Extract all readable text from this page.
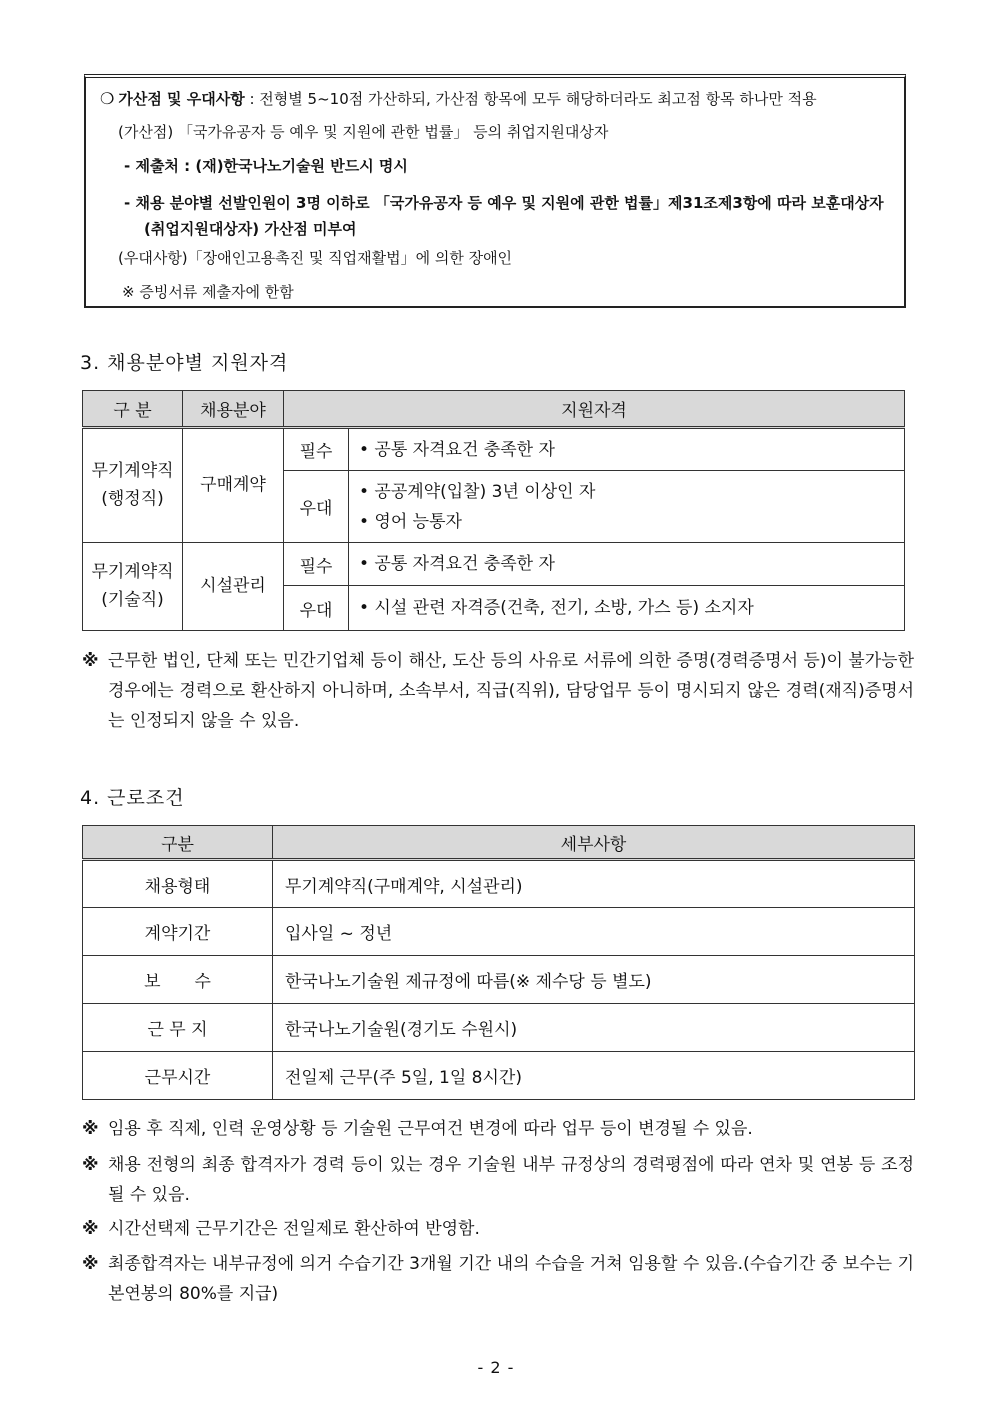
❍ 가산점 및 우대사항 : 전형별 5~10점 가산하되, 가산점 항목에 모두 해당하더라도 최고점 항목 하나만 적용
(가산점) 「국가유공자 등 예우 및 지원에 관한 법률」 등의 취업지원대상자
- 제출처 : (재)한국나노기술원 반드시 명시
- 채용 분야별 선발인원이 3명 이하로 「국가유공자 등 예우 및 지원에 관한 법률」제31조제3항에 따라 보훈대상자(취업지원대상자) 가산점 미부여
(우대사항)「장애인고용촉진 및 직업재활법」에 의한 장애인
※ 증빙서류 제출자에 한함
3. 채용분야별 지원자격
구 분	채용분야	지원자격	
무기계약직
(행정직)	구매계약	필수	• 공통 자격요건 충족한 자
		우대	• 공공계약(입찰) 3년 이상인 자
• 영어 능통자

무기계약직
(기술직)	시설관리	필수	• 공통 자격요건 충족한 자
		우대	• 시설 관련 자격증(건축, 전기, 소방, 가스 등) 소지자
※ 근무한 법인, 단체 또는 민간기업체 등이 해산, 도산 등의 사유로 서류에 의한 증명(경력증명서 등)이 불가능한 경우에는 경력으로 환산하지 아니하며, 소속부서, 직급(직위), 담당업무 등이 명시되지 않은 경력(재직)증명서는 인정되지 않을 수 있음.
4. 근로조건
구분	세부사항
채용형태	무기계약직(구매계약, 시설관리)
계약기간	입사일 ~ 정년
보　　수	한국나노기술원 제규정에 따름(※ 제수당 등 별도)
근 무 지	한국나노기술원(경기도 수원시)
근무시간	전일제 근무(주 5일, 1일 8시간)
※ 임용 후 직제, 인력 운영상황 등 기술원 근무여건 변경에 따라 업무 등이 변경될 수 있음.
※ 채용 전형의 최종 합격자가 경력 등이 있는 경우 기술원 내부 규정상의 경력평점에 따라 연차 및 연봉 등 조정될 수 있음.
※ 시간선택제 근무기간은 전일제로 환산하여 반영함.
※ 최종합격자는 내부규정에 의거 수습기간 3개월 기간 내의 수습을 거쳐 임용할 수 있음.(수습기간 중 보수는 기본연봉의 80%를 지급)
- 2 -
